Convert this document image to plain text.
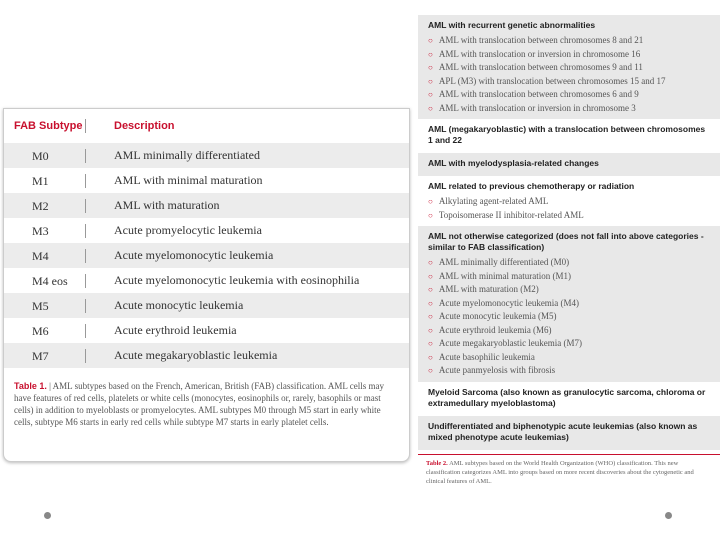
FAB Subtype	Description
M0	AML minimally differentiated
M1	AML with minimal maturation
M2	AML with maturation
M3	Acute promyelocytic leukemia
M4	Acute myelomonocytic leukemia
M4 eos	Acute myelomonocytic leukemia with eosinophilia
M5	Acute monocytic leukemia
M6	Acute erythroid leukemia
M7	Acute megakaryoblastic leukemia
Table 1. | AML subtypes based on the French, American, British (FAB) classification. AML cells may have features of red cells, platelets or white cells (monocytes, eosinophils or, rarely, basophils or mast cells) in addition to myeloblasts or promyelocytes. AML subtypes M0 through M5 start in early white cells, subtype M6 starts in early red cells while subtype M7 starts in early platelet cells.
AML with recurrent genetic abnormalities
○ AML with translocation between chromosomes 8 and 21
○ AML with translocation or inversion in chromosome 16
○ AML with translocation between chromosomes 9 and 11
○ APL (M3) with translocation between chromosomes 15 and 17
○ AML with translocation between chromosomes 6 and 9
○ AML with translocation or inversion in chromosome 3
AML (megakaryoblastic) with a translocation between chromosomes 1 and 22
AML with myelodysplasia-related changes
AML related to previous chemotherapy or radiation
○ Alkylating agent-related AML
○ Topoisomerase II inhibitor-related AML
AML not otherwise categorized (does not fall into above categories - similar to FAB classification)
○ AML minimally differentiated (M0)
○ AML with minimal maturation (M1)
○ AML with maturation (M2)
○ Acute myelomonocytic leukemia (M4)
○ Acute monocytic leukemia (M5)
○ Acute erythroid leukemia (M6)
○ Acute megakaryoblastic leukemia (M7)
○ Acute basophilic leukemia
○ Acute panmyelosis with fibrosis
Myeloid Sarcoma (also known as granulocytic sarcoma, chloroma or extramedullary myeloblastoma)
Undifferentiated and biphenotypic acute leukemias (also known as mixed phenotype acute leukemias)
Table 2. AML subtypes based on the World Health Organization (WHO) classification. This new classification categorizes AML into groups based on more recent discoveries about the cytogenetic and clinical features of AML.
